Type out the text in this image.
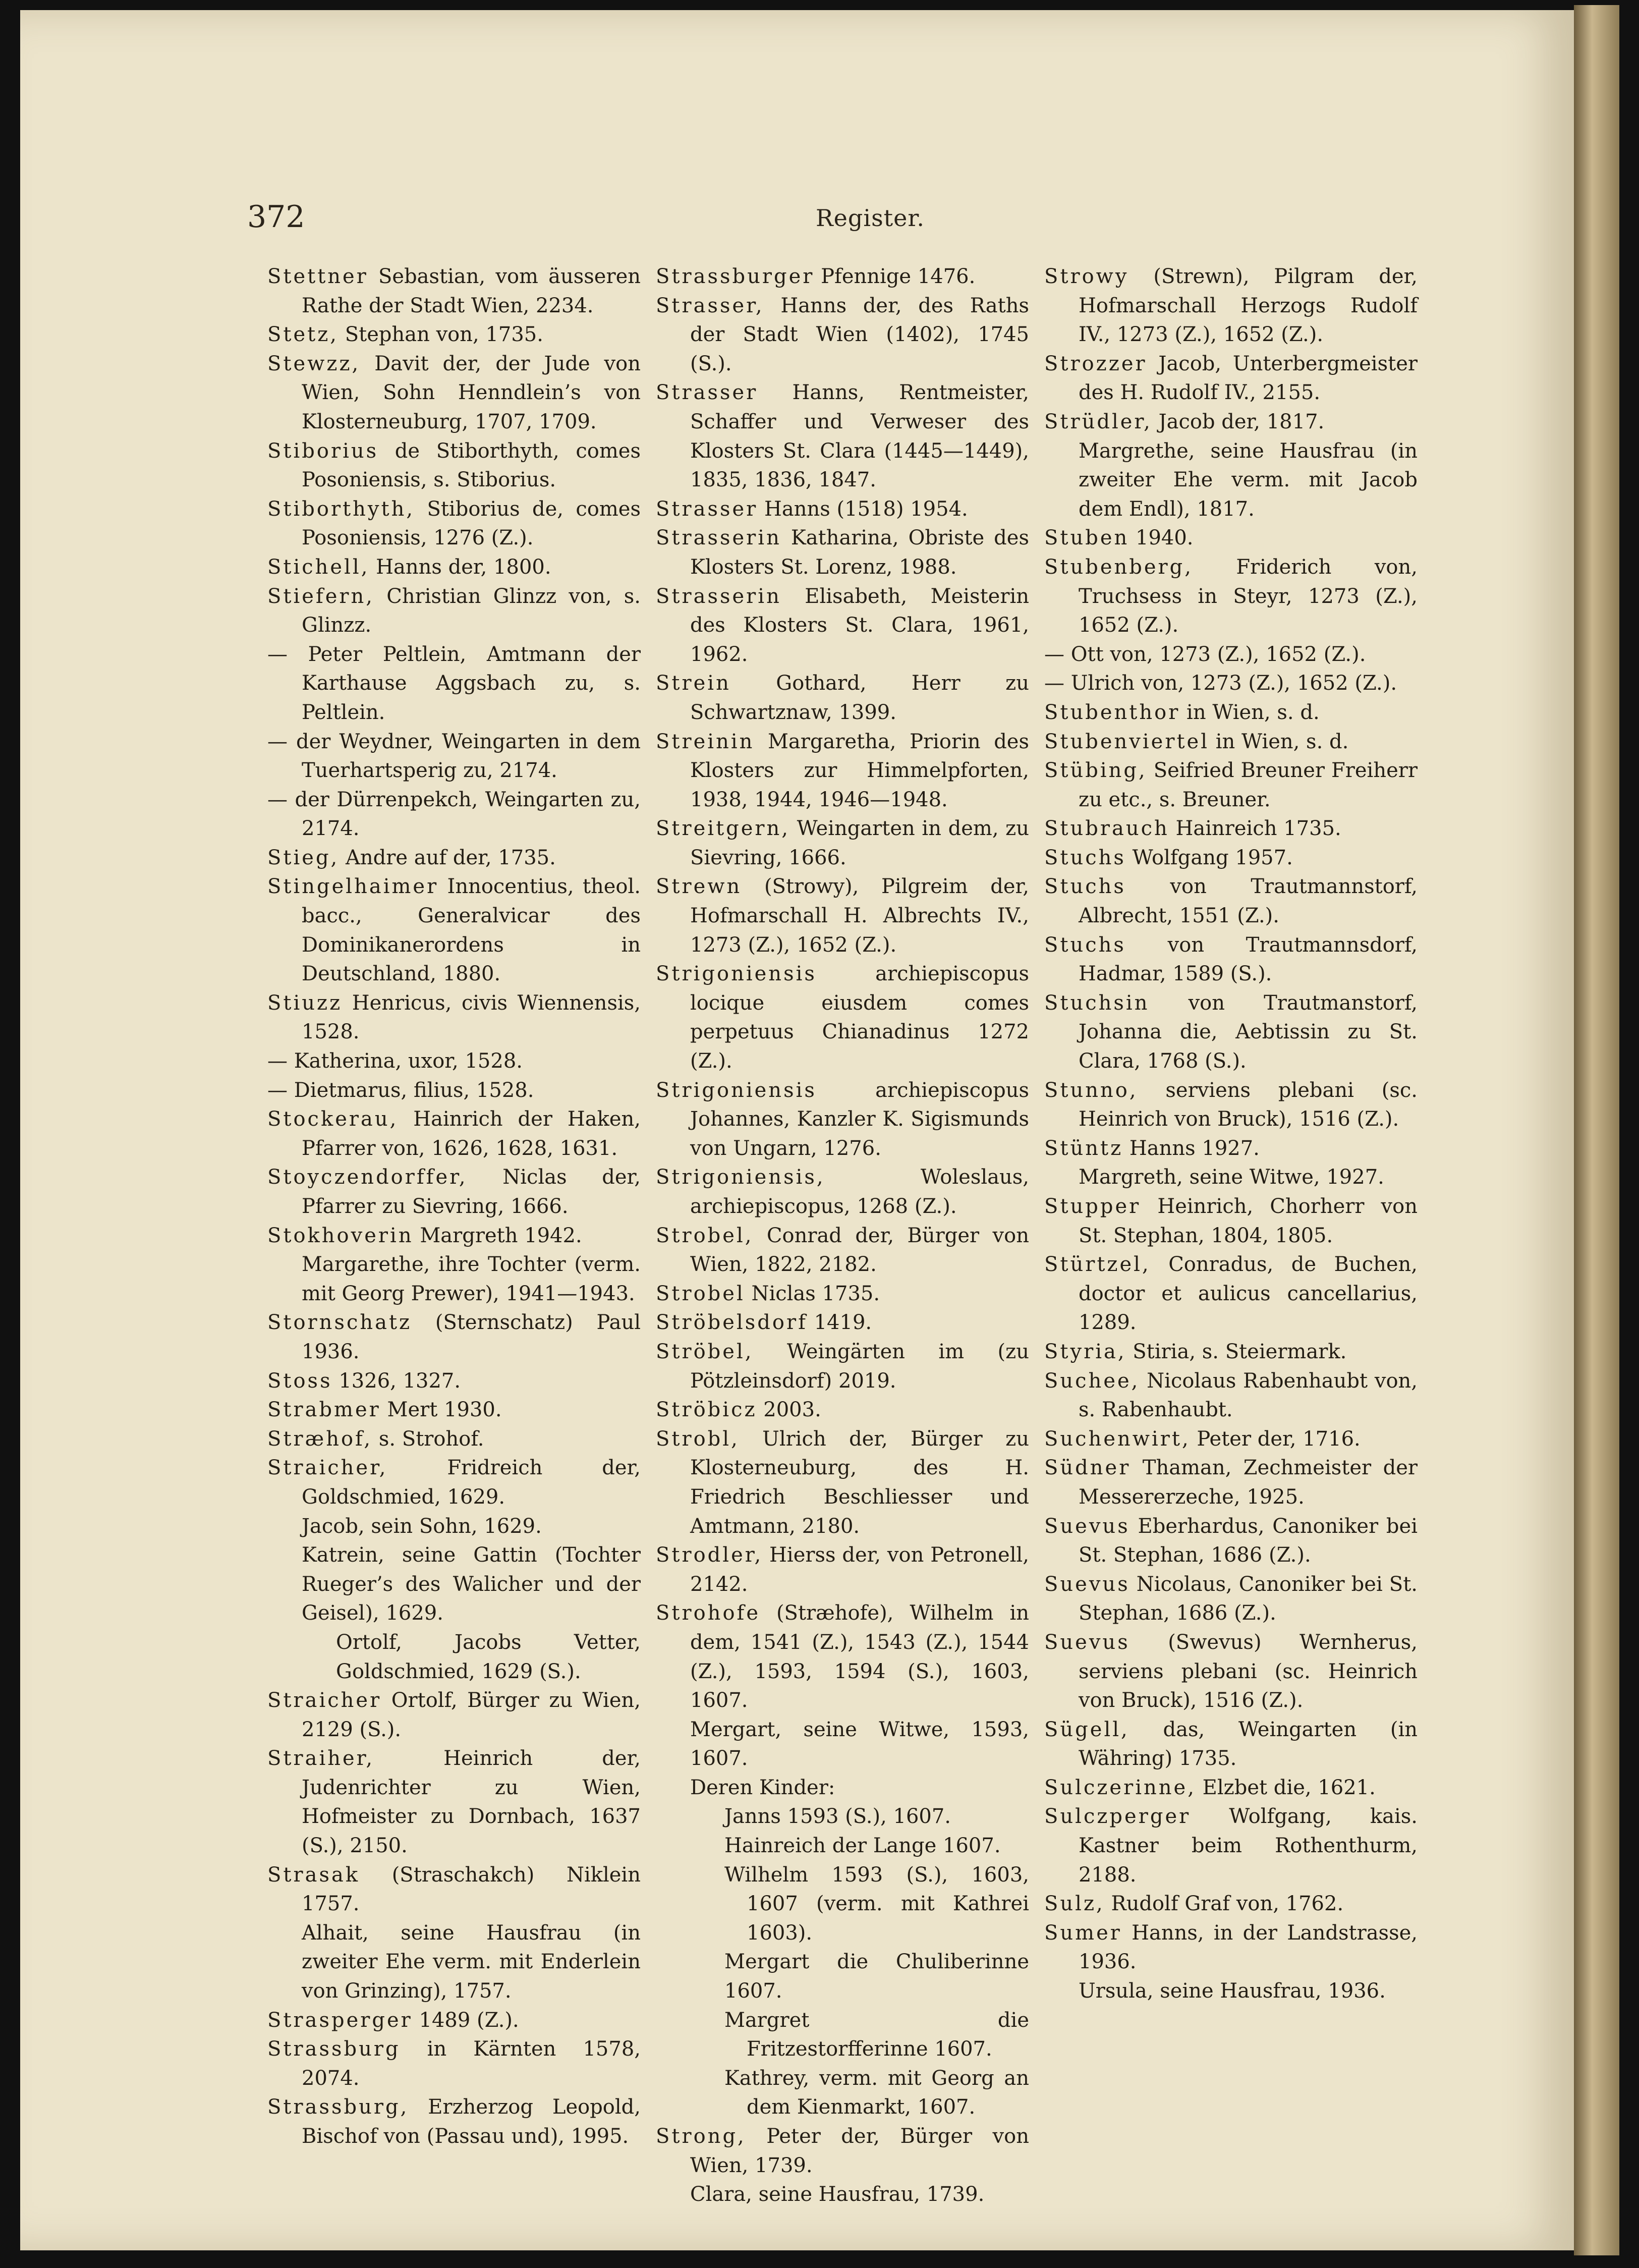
372	Register.

Stettner Sebastian, vom äusseren Rathe der Stadt Wien, 2234.

Stetz, Stephan von, 1735.

Stewzz, Davit der, der Jude von Wien, Sohn Henndlein’s von Klosterneuburg, 1707, 1709.

Stiborius de Stiborthyth, comes Posoniensis, s. Stiborius.

Stiborthyth, Stiborius de, comes Posoniensis, 1276 (Z.).

Stichell, Hanns der, 1800.

Stiefern, Christian Glinzz von, s. Glinzz.

— Peter Peltlein, Amtmann der Karthause Aggsbach zu, s. Peltlein.

— der Weydner, Weingarten in dem Tuerhartsperig zu, 2174.

— der Dürrenpekch, Weingarten zu, 2174.

Stieg, Andre auf der, 1735.

Stingelhaimer Innocentius, theol. bacc., Generalvicar des Dominikanerordens in Deutschland, 1880.

Stiuzz Henricus, civis Wiennensis, 1528.

— Katherina, uxor, 1528.

— Dietmarus, filius, 1528.

Stockerau, Hainrich der Haken, Pfarrer von, 1626, 1628, 1631.

Stoyczendorffer, Niclas der, Pfarrer zu Sievring, 1666.

Stokhoverin Margreth 1942.

Margarethe, ihre Tochter (verm. mit Georg Prewer), 1941—1943.

Stornschatz (Sternschatz) Paul 1936.

Stoss 1326, 1327.

Strabmer Mert 1930.

Stræhof, s. Strohof.

Straicher,	Fridreich der, Goldschmied, 1629.

Jacob, sein Sohn, 1629.

Katrein, seine Gattin (Tochter Rueger’s des Walicher und der Geisel), 1629.

Ortolf, Jacobs Vetter, Goldschmied, 1629 (S.).

Straicher Ortolf, Bürger zu Wien, 2129 (S.).

Straiher,	Heinrich der, Judenrichter zu Wien, Hofmeister zu Dornbach, 1637 (S.), 2150.

Strasak (Straschakch) Niklein 1757.

Alhait, seine Hausfrau (in zweiter Ehe verm. mit Enderlein von Grinzing), 1757.

Strasperger 1489 (Z.).

Strassburg in Kärnten 1578, 2074.

Strassburg, Erzherzog Leopold, Bischof von (Passau und), 1995.

Strassburger Pfennige 1476.

Strasser, Hanns der, des Raths der Stadt Wien (1402), 1745 (S.).

Strasser Hanns, Rentmeister, Schaffer und Verweser des Klosters St. Clara (1445—1449), 1835, 1836, 1847.

Strasser Hanns (1518) 1954.

Strasserin Katharina, Obriste des Klosters St. Lorenz, 1988.

Strasserin Elisabeth, Meisterin des Klosters St. Clara, 1961, 1962.

Strein Gothard, Herr zu Schwartznaw, 1399.

Streinin Margaretha, Priorin des Klosters zur Himmelpforten, 1938, 1944, 1946—1948.

Streitgern, Weingarten in dem, zu Sievring, 1666.

Strewn (Strowy), Pilgreim der, Hofmarschall H. Albrechts IV., 1273 (Z.), 1652 (Z.).

Strigoniensis	archiepiscopus locique eiusdem comes perpetuus Chianadinus 1272 (Z.).

Strigoniensis	archiepiscopus Johannes, Kanzler K. Sigismunds von Ungarn, 1276.

Strigoniensis,	Woleslaus, archiepiscopus, 1268 (Z.).

Strobel, Conrad der, Bürger von Wien, 1822, 2182.

Strobel Niclas 1735.

Ströbelsdorf 1419.

Ströbel, Weingärten im (zu Pötzleinsdorf) 2019.

Ströbicz 2003.

Strobl, Ulrich der, Bürger zu Klosterneuburg, des H. Friedrich Beschliesser und Amtmann, 2180.

Strodler, Hierss der, von Petronell, 2142.

Strohofe (Stræhofe), Wilhelm in dem, 1541 (Z.), 1543 (Z.), 1544 (Z.), 1593, 1594 (S.), 1603, 1607.

Mergart, seine Witwe, 1593, 1607.

Deren Kinder:

Janns 1593 (S.), 1607.

Hainreich der Lange 1607.

Wilhelm 1593 (S.), 1603, 1607 (verm. mit Kathrei 1603).

Mergart die Chuliberinne 1607.

Margret die Fritzestorfferinne 1607.

Kathrey, verm. mit Georg an dem Kienmarkt, 1607.

Strong, Peter der, Bürger von Wien, 1739.

Clara, seine Hausfrau, 1739.

Strowy (Strewn), Pilgram der, Hofmarschall Herzogs Rudolf IV., 1273 (Z.), 1652 (Z.).

Strozzer Jacob, Unterbergmeister des H. Rudolf IV., 2155.

Strüdler, Jacob der, 1817.

Margrethe, seine Hausfrau (in zweiter Ehe verm. mit Jacob dem Endl), 1817.

Stuben 1940.

Stubenberg, Friderich von, Truchsess in Steyr, 1273 (Z.), 1652 (Z.).

— Ott von, 1273 (Z.), 1652 (Z.).

— Ulrich von, 1273 (Z.), 1652 (Z.).

Stubenthor in Wien, s. d.

Stubenviertel in Wien, s. d.

Stübing, Seifried Breuner Freiherr zu etc., s. Breuner.

Stubrauch Hainreich 1735.

Stuchs Wolfgang 1957.

Stuchs von Trautmannstorf, Albrecht, 1551 (Z.).

Stuchs von Trautmannsdorf, Hadmar, 1589 (S.).

Stuchsin von Trautmanstorf, Johanna die, Aebtissin zu St. Clara, 1768 (S.).

Stunno, serviens plebani (sc. Heinrich von Bruck), 1516 (Z.).

Stüntz Hanns 1927.

Margreth, seine Witwe, 1927.

Stupper Heinrich, Chorherr von St. Stephan, 1804, 1805.

Stürtzel, Conradus, de Buchen, doctor et aulicus cancellarius, 1289.

Styria, Stiria, s. Steiermark.

Suchee, Nicolaus Rabenhaubt von, s. Rabenhaubt.

Suchenwirt, Peter der, 1716.

Südner Thaman, Zechmeister der Messererzeche, 1925.

Suevus Eberhardus, Canoniker bei St. Stephan, 1686 (Z.).

Suevus Nicolaus, Canoniker bei St. Stephan, 1686 (Z.).

Suevus (Swevus) Wernherus, serviens plebani (sc. Heinrich von Bruck), 1516 (Z.).

Sügell, das, Weingarten (in Währing) 1735.

Sulczerinne, Elzbet die, 1621.

Sulczperger Wolfgang, kais. Kastner beim Rothenthurm, 2188.

Sulz, Rudolf Graf von, 1762.

Sumer Hanns, in der Landstrasse, 1936.

Ursula, seine Hausfrau, 1936.
